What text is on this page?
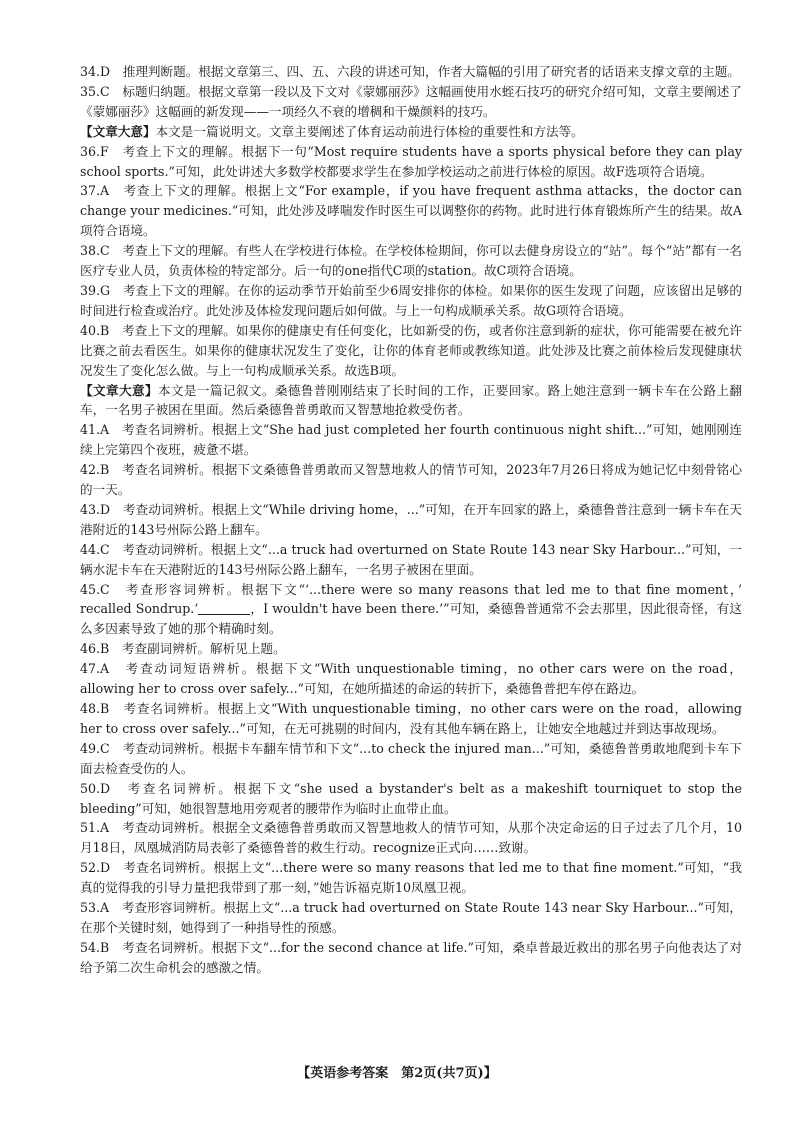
34.D　推理判断题。根据文章第三、四、五、六段的讲述可知，作者大篇幅的引用了研究者的话语来支撑文章的主题。

35.C　标题归纳题。根据文章第一段以及下文对《蒙娜丽莎》这幅画使用水蛭石技巧的研究介绍可知，文章主要阐述了《蒙娜丽莎》这幅画的新发现——一项经久不衰的增稠和干燥颜料的技巧。

【文章大意】本文是一篇说明文。文章主要阐述了体育运动前进行体检的重要性和方法等。

36.F　考查上下文的理解。根据下一句“Most require students have a sports physical before they can play school sports.”可知，此处讲述大多数学校都要求学生在参加学校运动之前进行体检的原因。故F选项符合语境。

37.A　考查上下文的理解。根据上文“For example，if you have frequent asthma attacks，the doctor can change your medicines.”可知，此处涉及哮喘发作时医生可以调整你的药物。此时进行体育锻炼所产生的结果。故A项符合语境。

38.C　考查上下文的理解。有些人在学校进行体检。在学校体检期间，你可以去健身房设立的“站”。每个“站”都有一名医疗专业人员，负责体检的特定部分。后一句的one指代C项的station。故C项符合语境。

39.G　考查上下文的理解。在你的运动季节开始前至少6周安排你的体检。如果你的医生发现了问题，应该留出足够的时间进行检查或治疗。此处涉及体检发现问题后如何做。与上一句构成顺承关系。故G项符合语境。

40.B　考查上下文的理解。如果你的健康史有任何变化，比如新受的伤，或者你注意到新的症状，你可能需要在被允许比赛之前去看医生。如果你的健康状况发生了变化，让你的体育老师或教练知道。此处涉及比赛之前体检后发现健康状况发生了变化怎么做。与上一句构成顺承关系。故选B项。

【文章大意】本文是一篇记叙文。桑德鲁普刚刚结束了长时间的工作，正要回家。路上她注意到一辆卡车在公路上翻车，一名男子被困在里面。然后桑德鲁普勇敢而又智慧地抢救受伤者。

41.A　考查名词辨析。根据上文“She had just completed her fourth continuous night shift...”可知，她刚刚连续上完第四个夜班，疲惫不堪。

42.B　考查名词辨析。根据下文桑德鲁普勇敢而又智慧地救人的情节可知，2023年7月26日将成为她记忆中刻骨铭心的一天。

43.D　考查动词辨析。根据上文“While driving home，...”可知，在开车回家的路上，桑德鲁普注意到一辆卡车在天港附近的143号州际公路上翻车。

44.C　考查动词辨析。根据上文“...a truck had overturned on State Route 143 near Sky Harbour...”可知，一辆水泥卡车在天港附近的143号州际公路上翻车，一名男子被困在里面。

45.C　考查形容词辨析。根据下文“‘...there were so many reasons that led me to that fine moment，’ recalled Sondrup.‘	，I wouldn't have been there.’”可知，桑德鲁普通常不会去那里，因此很奇怪，有这么多因素导致了她的那个精确时刻。

46.B　考查副词辨析。解析见上题。

47.A　考查动词短语辨析。根据下文“With unquestionable timing，no other cars were on the road，allowing her to cross over safely...”可知，在她所描述的命运的转折下，桑德鲁普把车停在路边。

48.B　考查名词辨析。根据上文“With unquestionable timing，no other cars were on the road，allowing her to cross over safely...”可知，在无可挑剔的时间内，没有其他车辆在路上，让她安全地越过并到达事故现场。

49.C　考查动词辨析。根据卡车翻车情节和下文“...to check the injured man...”可知，桑德鲁普勇敢地爬到卡车下面去检查受伤的人。

50.D　考查名词辨析。根据下文“she used a bystander's belt as a makeshift tourniquet to stop the bleeding”可知，她很智慧地用旁观者的腰带作为临时止血带止血。

51.A　考查动词辨析。根据全文桑德鲁普勇敢而又智慧地救人的情节可知，从那个决定命运的日子过去了几个月，10月18日，凤凰城消防局表彰了桑德鲁普的救生行动。recognize正式向……致谢。

52.D　考查名词辨析。根据上文“...there were so many reasons that led me to that fine moment.”可知，“我真的觉得我的引导力量把我带到了那一刻，”她告诉福克斯10凤凰卫视。

53.A　考查形容词辨析。根据上文“...a truck had overturned on State Route 143 near Sky Harbour...”可知，在那个关键时刻，她得到了一种指导性的预感。

54.B　考查名词辨析。根据下文“...for the second chance at life.”可知，桑卓普最近救出的那名男子向他表达了对给予第二次生命机会的感激之情。

【英语参考答案　第2页(共7页)】
